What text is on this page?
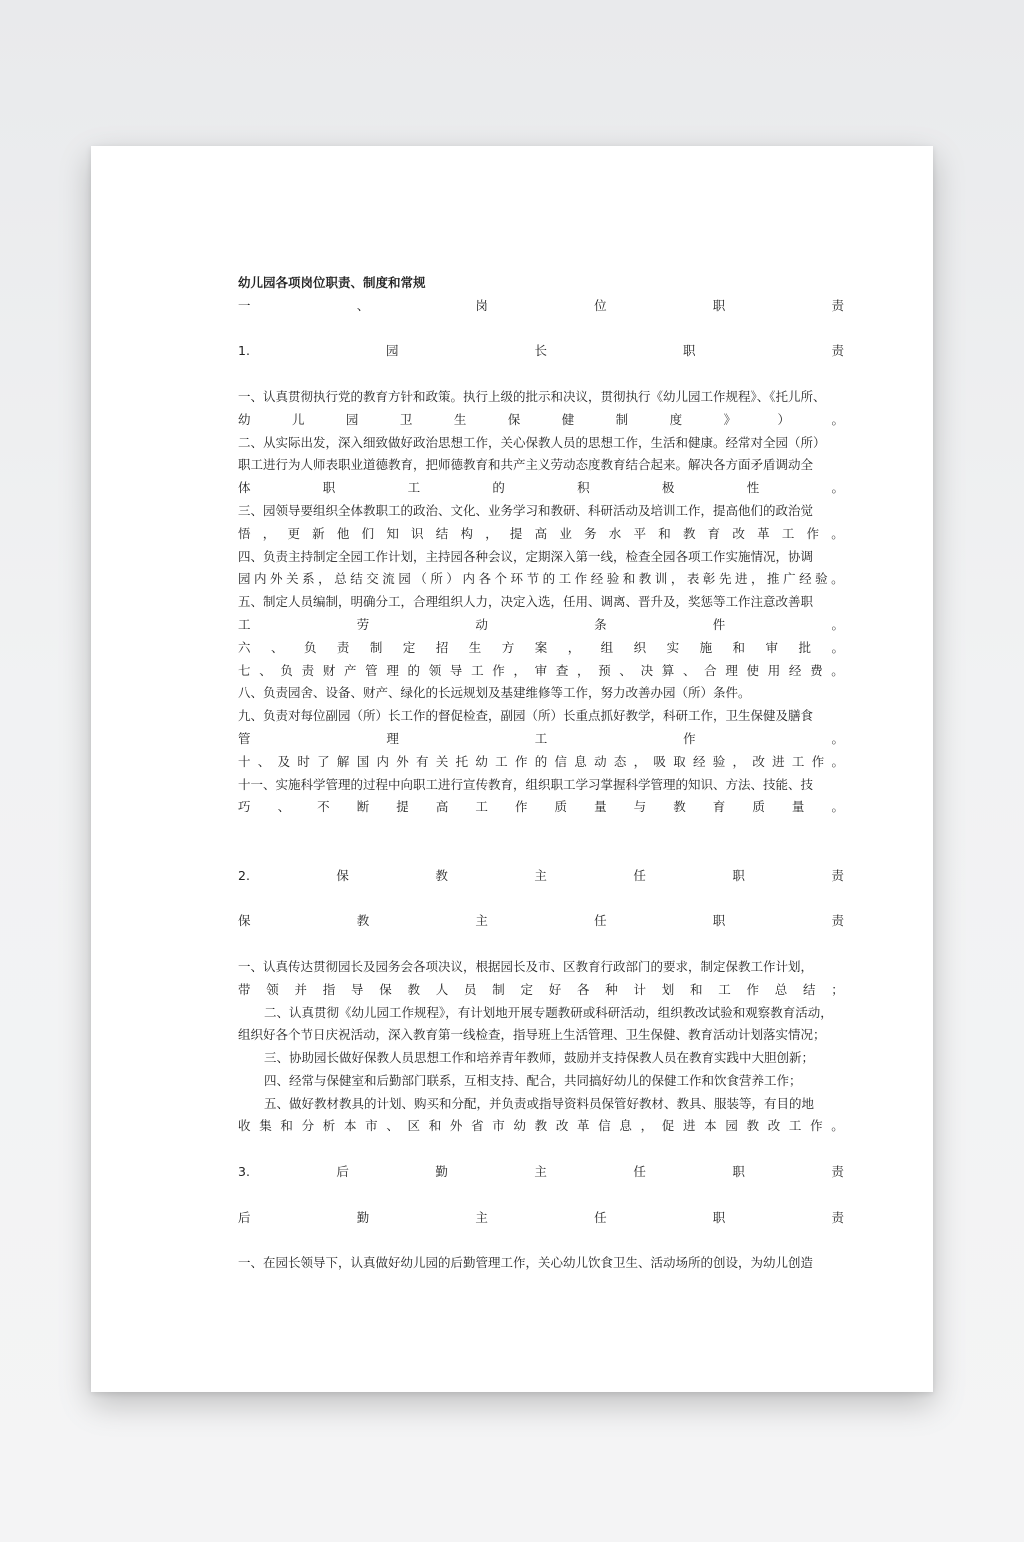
幼儿园各项岗位职责、制度和常规
一	、	岗	位	职	责
1.	园	长	职	责
一、认真贯彻执行党的教育方针和政策。执行上级的批示和决议，贯彻执行《幼儿园工作规程》、《托儿所、
幼	儿	园	卫	生	保	健	制	度	》	）	。
二、从实际出发，深入细致做好政治思想工作，关心保教人员的思想工作，生活和健康。经常对全园（所）
职工进行为人师表职业道德教育，把师德教育和共产主义劳动态度教育结合起来。解决各方面矛盾调动全
体	职	工	的	积	极	性	。
三、园领导要组织全体教职工的政治、文化、业务学习和教研、科研活动及培训工作，提高他们的政治觉
悟 ， 更 新 他 们 知 识 结 构 ， 提 高 业 务 水 平 和 教 育 改 革 工 作 。
四、负责主持制定全园工作计划，主持园各种会议，定期深入第一线，检查全园各项工作实施情况，协调
园 内 外 关 系 ， 总 结 交 流 园 （ 所 ） 内 各 个 环 节 的 工 作 经 验 和 教 训 ， 表 彰 先 进 ， 推 广 经 验 。
五、制定人员编制，明确分工，合理组织人力，决定入选，任用、调离、晋升及，奖惩等工作注意改善职
工	劳	动	条	件	。
六 、 负 责 制 定 招 生 方 案 ， 组 织 实 施 和 审 批 。
七 、 负 责 财 产 管 理 的 领 导 工 作 ， 审 查 ， 预 、 决 算 、 合 理 使 用 经 费 。
八、负责园舍、设备、财产、绿化的长远规划及基建维修等工作，努力改善办园（所）条件。
九、负责对每位副园（所）长工作的督促检查，副园（所）长重点抓好教学，科研工作，卫生保健及膳食
管	理	工	作	。
十 、 及 时 了 解 国 内 外 有 关 托 幼 工 作 的 信 息 动 态 ， 吸 取 经 验 ， 改 进 工 作 。
十一、实施科学管理的过程中向职工进行宣传教育，组织职工学习掌握科学管理的知识、方法、技能、技
巧 、 不 断 提 高 工 作 质 量 与 教 育 质 量 。
2.	保	教	主	任	职	责
保	教	主	任	职	责
一、认真传达贯彻园长及园务会各项决议，根据园长及市、区教育行政部门的要求，制定保教工作计划，
带 领 并 指 导 保 教 人 员 制 定 好 各 种 计 划 和 工 作 总 结 ；
二、认真贯彻《幼儿园工作规程》，有计划地开展专题教研或科研活动，组织教改试验和观察教育活动，
组织好各个节日庆祝活动，深入教育第一线检查，指导班上生活管理、卫生保健、教育活动计划落实情况；
三、协助园长做好保教人员思想工作和培养青年教师，鼓励并支持保教人员在教育实践中大胆创新；
四、经常与保健室和后勤部门联系，互相支持、配合，共同搞好幼儿的保健工作和饮食营养工作；
五、做好教材教具的计划、购买和分配，并负责或指导资料员保管好教材、教具、服装等，有目的地
收 集 和 分 析 本 市 、 区 和 外 省 市 幼 教 改 革 信 息 ， 促 进 本 园 教 改 工 作 。
3.	后	勤	主	任	职	责
后	勤	主	任	职	责
一、在园长领导下，认真做好幼儿园的后勤管理工作，关心幼儿饮食卫生、活动场所的创设，为幼儿创造
